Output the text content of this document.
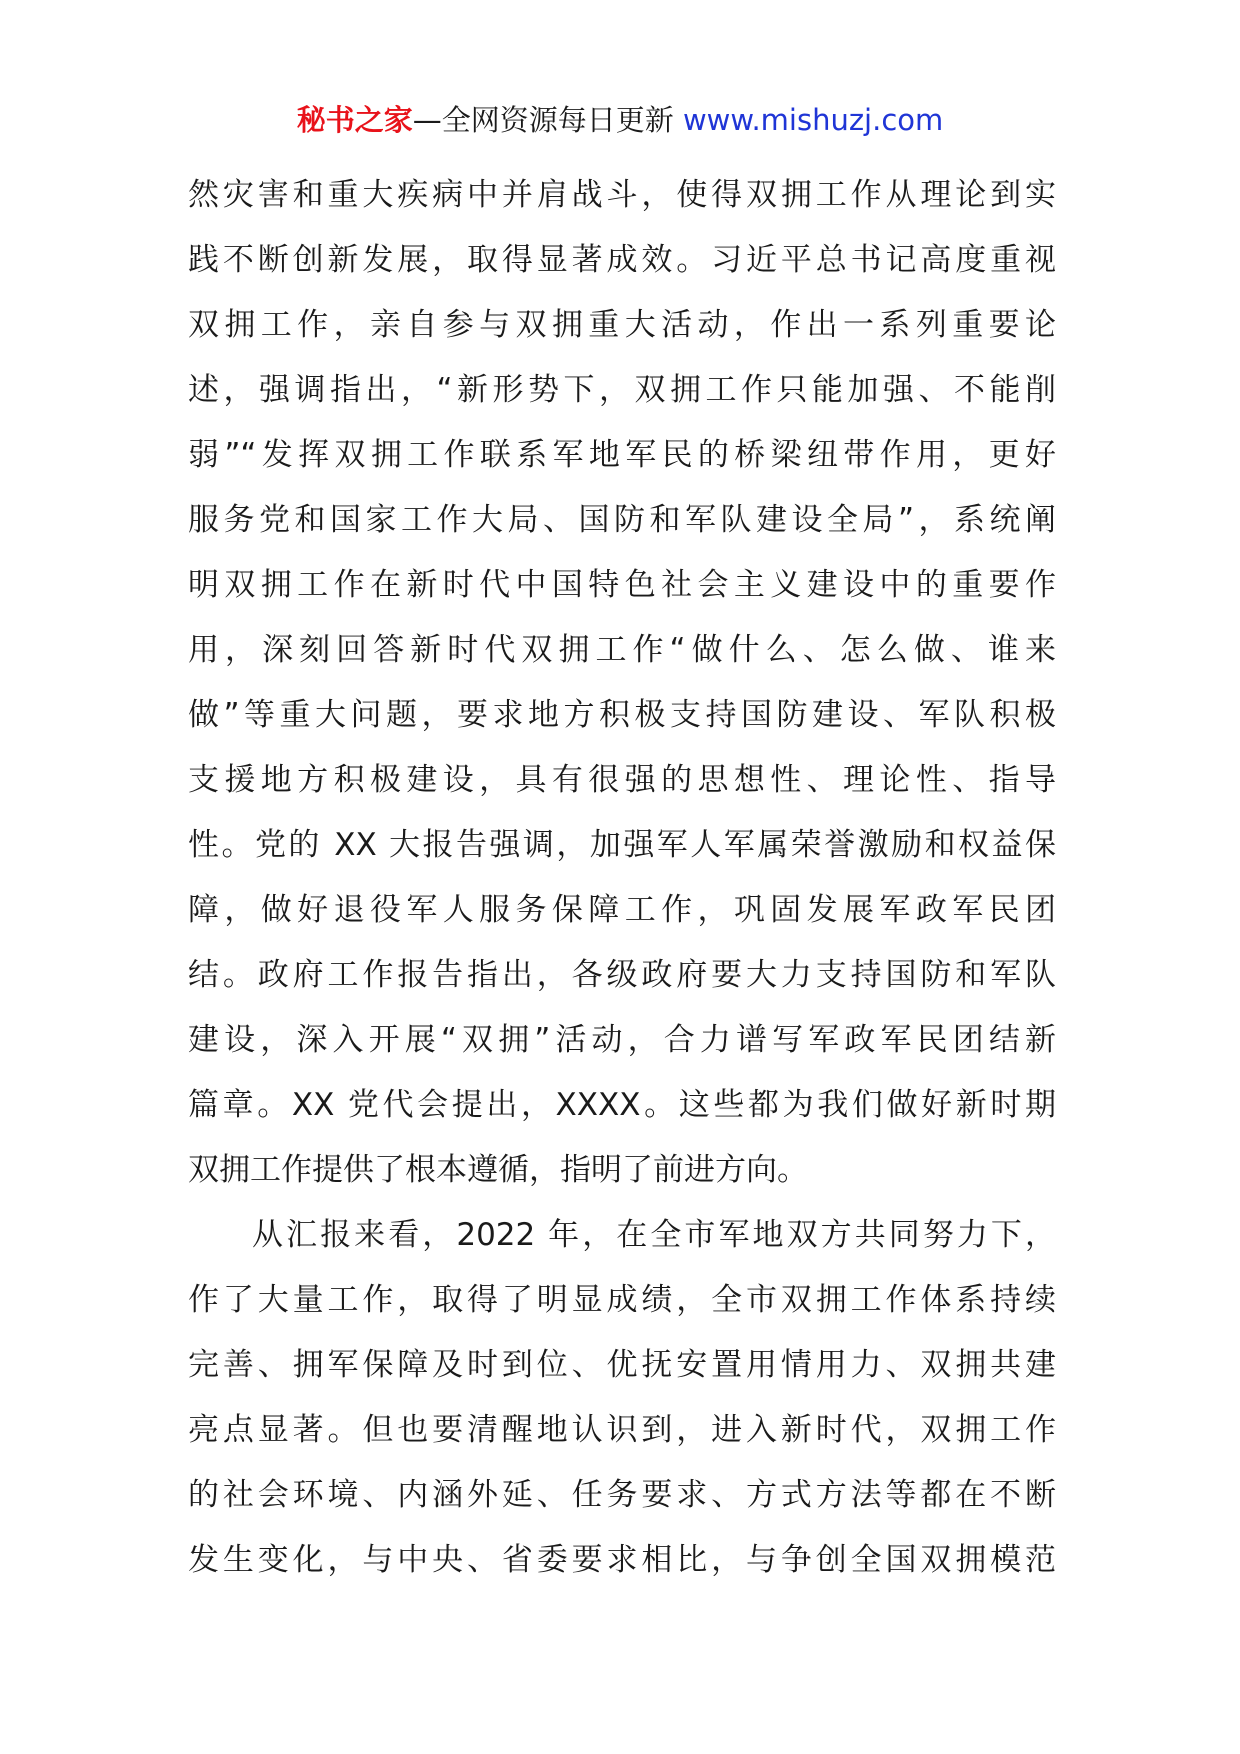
秘书之家—全网资源每日更新 www.mishuzj.com
然灾害和重大疾病中并肩战斗，使得双拥工作从理论到实
践不断创新发展，取得显著成效。习近平总书记高度重视
双拥工作，亲自参与双拥重大活动，作出一系列重要论
述，强调指出，“新形势下，双拥工作只能加强、不能削
弱”“发挥双拥工作联系军地军民的桥梁纽带作用，更好
服务党和国家工作大局、国防和军队建设全局”，系统阐
明双拥工作在新时代中国特色社会主义建设中的重要作
用，深刻回答新时代双拥工作“做什么、怎么做、谁来
做”等重大问题，要求地方积极支持国防建设、军队积极
支援地方积极建设，具有很强的思想性、理论性、指导
性。党的 XX 大报告强调，加强军人军属荣誉激励和权益保
障，做好退役军人服务保障工作，巩固发展军政军民团
结。政府工作报告指出，各级政府要大力支持国防和军队
建设，深入开展“双拥”活动，合力谱写军政军民团结新
篇章。XX 党代会提出，XXXX。这些都为我们做好新时期
双拥工作提供了根本遵循，指明了前进方向。
从汇报来看，2022 年，在全市军地双方共同努力下，
作了大量工作，取得了明显成绩，全市双拥工作体系持续
完善、拥军保障及时到位、优抚安置用情用力、双拥共建
亮点显著。但也要清醒地认识到，进入新时代，双拥工作
的社会环境、内涵外延、任务要求、方式方法等都在不断
发生变化，与中央、省委要求相比，与争创全国双拥模范
